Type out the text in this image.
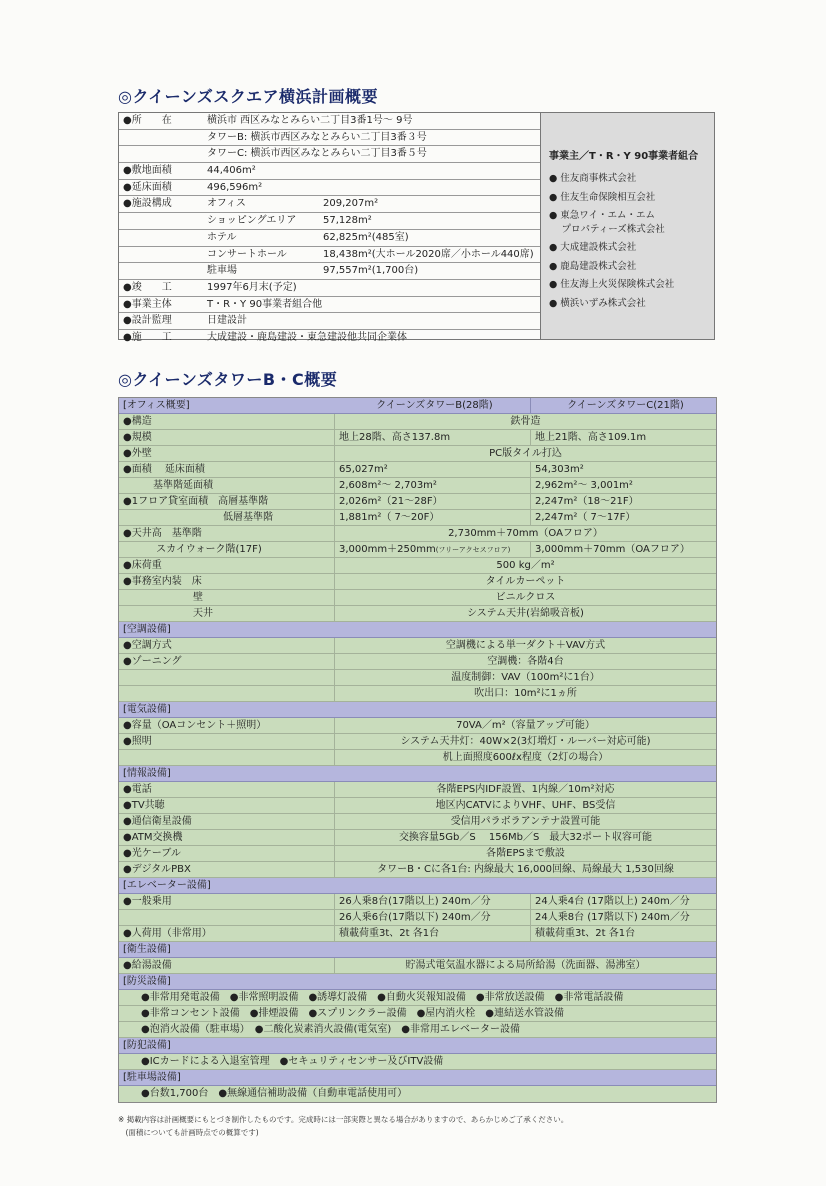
◎クイーンズスクエア横浜計画概要
●所　　在	横浜市 西区みなとみらい二丁目3番1号～ 9号
タワーB: 横浜市西区みなとみらい二丁目3番３号
タワーC: 横浜市西区みなとみらい二丁目3番５号
●敷地面積	44,406m²
●延床面積	496,596m²
●施設構成	オフィス	209,207m²
ショッピングエリア	57,128m²
ホテル	62,825m²(485室)
コンサートホール	18,438m²(大ホール2020席／小ホール440席)
駐車場	97,557m²(1,700台)
●竣　　工	1997年6月末(予定)
●事業主体	T・R・Y 90事業者組合他
●設計監理	日建設計
●施　　工	大成建設・鹿島建設・東急建設他共同企業体
事業主／T・R・Y 90事業者組合
● 住友商事株式会社
● 住友生命保険相互会社
● 東急ワイ・エム・エム
　 プロパティーズ株式会社
● 大成建設株式会社
● 鹿島建設株式会社
● 住友海上火災保険株式会社
● 横浜いずみ株式会社
◎クイーンズタワーB・C概要
[オフィス概要]	クイーンズタワーB(28階)	クイーンズタワーC(21階)
●構造	鉄骨造
●規模	地上28階、高さ137.8m	地上21階、高さ109.1m
●外壁	PC版タイル打込
●面積　 延床面積	65,027m²	54,303m²
　　　基準階延面積	2,608m²～ 2,703m²	2,962m²～ 3,001m²
●1フロア貸室面積　高層基準階	2,026m²（21～28F）	2,247m²（18～21F）
　　　　　　　　　　低層基準階	1,881m²（ 7～20F）	2,247m²（ 7～17F）
●天井高　基準階	2,730mm＋70mm（OAフロア）
　　　 スカイウォーク階(17F)	3,000mm＋250mm(フリーアクセスフロア)	3,000mm＋70mm（OAフロア）
●床荷重	500 kg／m²
●事務室内装　床	タイルカーペット
　　　　　　　壁	ビニルクロス
　　　　　　　天井	システム天井(岩綿吸音板)
[空調設備]
●空調方式	空調機による単一ダクト＋VAV方式
●ゾーニング	空調機：各階4台
温度制御：VAV（100m²に1台）
吹出口：10m²に1ヵ所
[電気設備]
●容量（OAコンセント＋照明）	70VA／m²（容量アップ可能）
●照明	システム天井灯：40W×2(3灯増灯・ルーバー対応可能)
机上面照度600ℓx程度（2灯の場合）
[情報設備]
●電話	各階EPS内IDF設置、1内線／10m²対応
●TV共聴	地区内CATVによりVHF、UHF、BS受信
●通信衛星設備	受信用パラボラアンテナ設置可能
●ATM交換機	交換容量5Gb／S　 156Mb／S　最大32ポート収容可能
●光ケーブル	各階EPSまで敷設
●デジタルPBX	タワーB・Cに各1台: 内線最大 16,000回線、局線最大 1,530回線
[エレベーター設備]
●一般乗用	26人乗8台(17階以上) 240m／分	24人乗4台 (17階以上) 240m／分
26人乗6台(17階以下) 240m／分	24人乗8台 (17階以下) 240m／分
●人荷用（非常用）	積載荷重3t、2t 各1台	積載荷重3t、2t 各1台
[衛生設備]
●給湯設備	貯湯式電気温水器による局所給湯（洗面器、湯沸室）
[防災設備]
●非常用発電設備　●非常照明設備　●誘導灯設備　●自動火災報知設備　●非常放送設備　●非常電話設備
●非常コンセント設備　●排煙設備　●スプリンクラー設備　●屋内消火栓　●連結送水管設備
●泡消火設備（駐車場）　●二酸化炭素消火設備(電気室)　●非常用エレベーター設備
[防犯設備]
●ICカードによる入退室管理　●セキュリティセンサー及びITV設備
[駐車場設備]
●台数1,700台　●無線通信補助設備（自動車電話使用可）
※ 掲載内容は計画概要にもとづき制作したものです。完成時には一部実際と異なる場合がありますので、あらかじめご了承ください。
　(面積についても計画時点での概算です)
